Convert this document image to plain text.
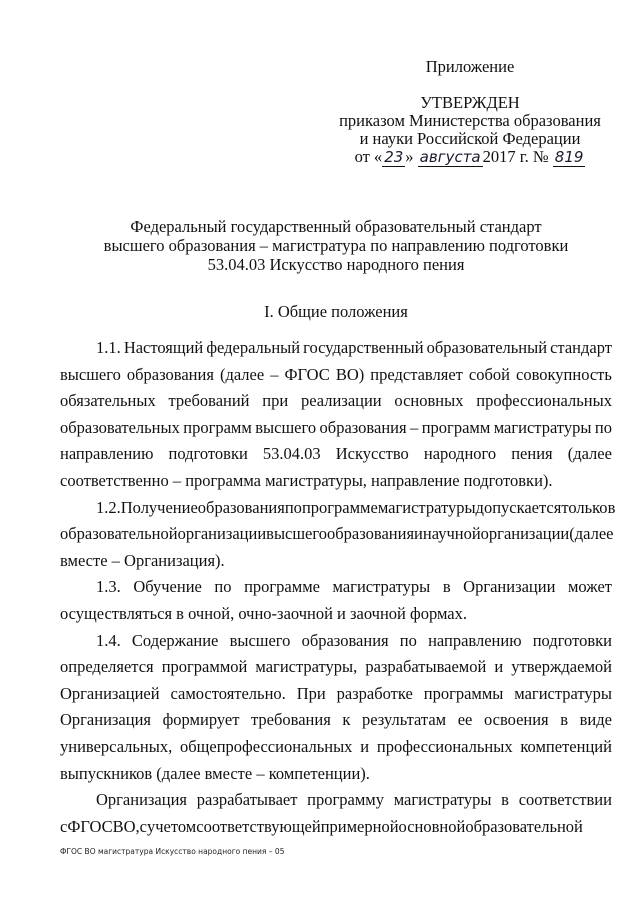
Приложение
УТВЕРЖДЕН
приказом Министерства образования
и науки Российской Федерации
от « 23 » августа 2017 г. № 819
Федеральный государственный образовательный стандарт
высшего образования – магистратура по направлению подготовки
53.04.03 Искусство народного пения
I. Общие положения
1.1. Настоящий федеральный государственный образовательный стандарт
высшего образования (далее – ФГОС ВО) представляет собой совокупность
обязательных требований при реализации основных профессиональных
образовательных программ высшего образования – программ магистратуры по
направлению подготовки 53.04.03 Искусство народного пения (далее
соответственно – программа магистратуры, направление подготовки).
1.2. Получение образования по программе магистратуры допускается только в
образовательной организации высшего образования и научной организации (далее
вместе – Организация).
1.3. Обучение по программе магистратуры в Организации может
осуществляться в очной, очно-заочной и заочной формах.
1.4. Содержание высшего образования по направлению подготовки
определяется программой магистратуры, разрабатываемой и утверждаемой
Организацией самостоятельно. При разработке программы магистратуры
Организация формирует требования к результатам ее освоения в виде
универсальных, общепрофессиональных и профессиональных компетенций
выпускников (далее вместе – компетенции).
Организация разрабатывает программу магистратуры в соответствии
с ФГОС ВО, с учетом соответствующей примерной основной образовательной
ФГОС ВО магистратура Искусство народного пения – 05
